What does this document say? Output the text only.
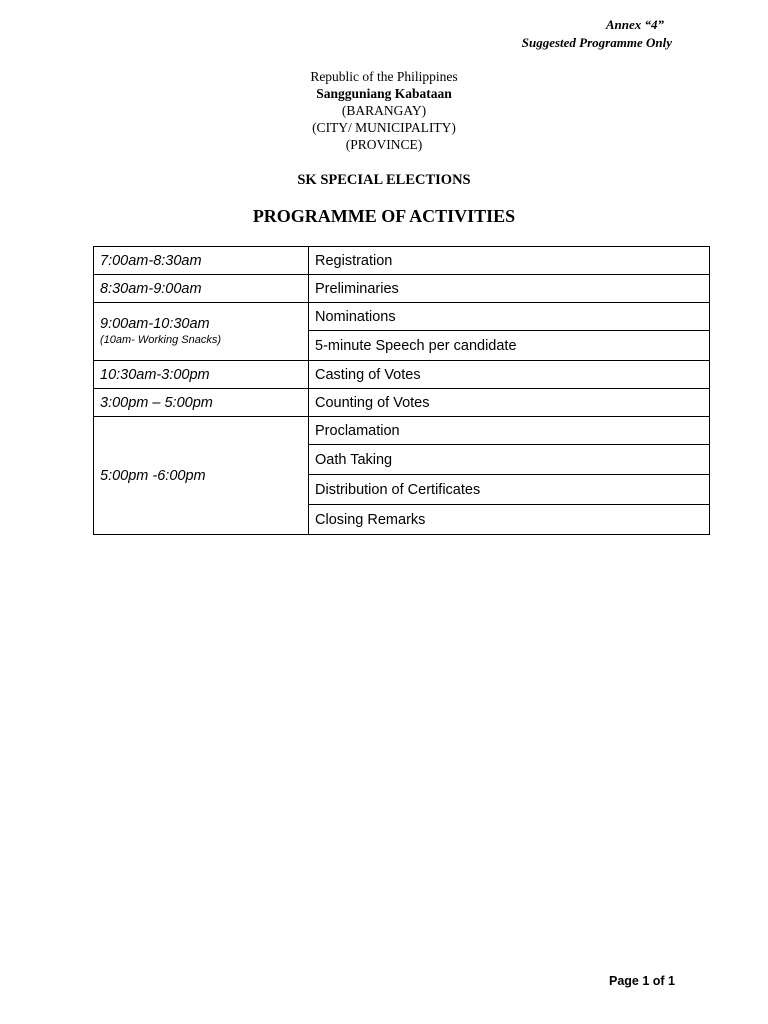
Annex “4”
Suggested Programme Only
Republic of the Philippines
Sangguniang Kabataan
(BARANGAY)
(CITY/ MUNICIPALITY)
(PROVINCE)
SK SPECIAL ELECTIONS
PROGRAMME OF ACTIVITIES
7:00am-8:30am	Registration
8:30am-9:00am	Preliminaries
9:00am-10:30am
(10am- Working Snacks)	Nominations
	5-minute Speech per candidate
10:30am-3:00pm	Casting of Votes
3:00pm – 5:00pm	Counting of Votes
5:00pm -6:00pm	Proclamation
	Oath Taking
	Distribution of Certificates
	Closing Remarks
Page 1 of 1
